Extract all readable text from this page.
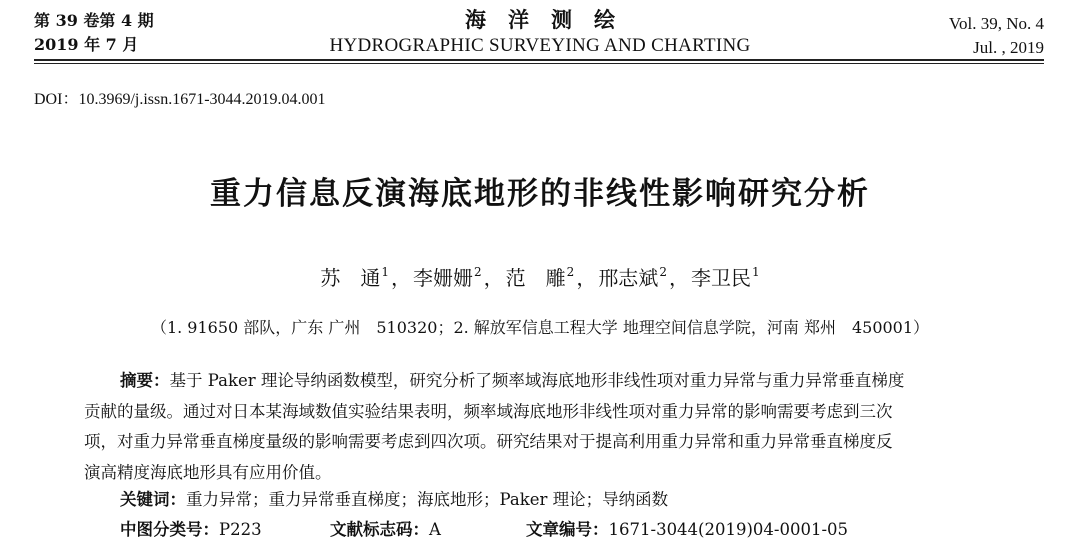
第 39 卷第 4 期
2019 年 7 月
海洋测绘
HYDROGRAPHIC SURVEYING AND CHARTING
Vol. 39, No. 4
Jul. , 2019
DOI：10.3969/j.issn.1671-3044.2019.04.001
重力信息反演海底地形的非线性影响研究分析
苏　通$^1$ ， 李姗姗$^2$ ， 范　雕$^2$ ， 邢志斌$^2$ ， 李卫民$^1$
（1. 91650 部队，广东 广州　510320；2. 解放军信息工程大学 地理空间信息学院，河南 郑州　450001）
摘要：基于 Paker 理论导纳函数模型，研究分析了频率域海底地形非线性项对重力异常与重力异常垂直梯度
贡献的量级。通过对日本某海域数值实验结果表明，频率域海底地形非线性项对重力异常的影响需要考虑到三次
项，对重力异常垂直梯度量级的影响需要考虑到四次项。研究结果对于提高利用重力异常和重力异常垂直梯度反
演高精度海底地形具有应用价值。
关键词：重力异常；重力异常垂直梯度；海底地形；Paker 理论；导纳函数
中图分类号：P223	文献标志码：A	文章编号：1671-3044(2019)04-0001-05
